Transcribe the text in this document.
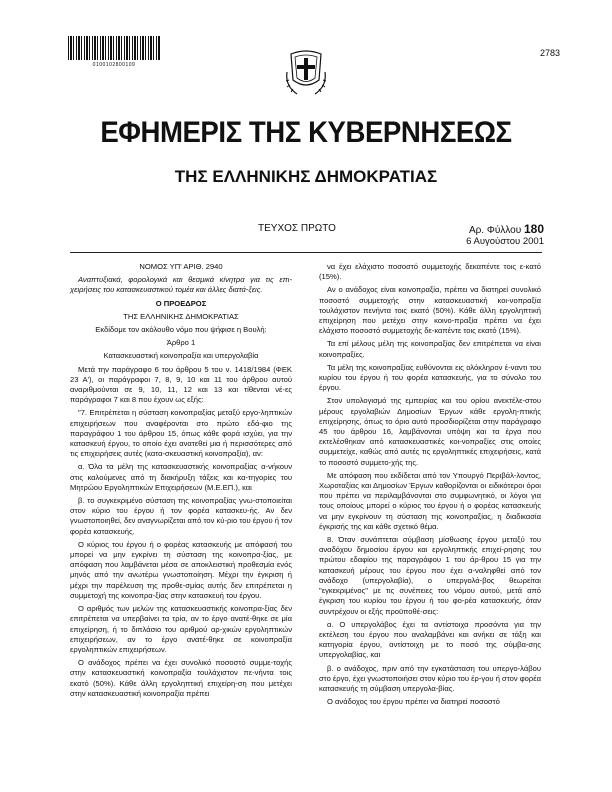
0100102800109
2783
ΕΦΗΜΕΡΙΣ ΤΗΣ ΚΥΒΕΡΝΗΣΕΩΣ
ΤΗΣ ΕΛΛΗΝΙΚΗΣ ΔΗΜΟΚΡΑΤΙΑΣ
ΤΕΥΧΟΣ ΠΡΩΤΟ	Αρ. Φύλλου 180
6 Αυγούστου 2001

ΝΟΜΟΣ ΥΠ' ΑΡΙΘ. 2940

Αναπτυξιακά, φορολογικά και θεσμικά κίνητρα για τις επι-χειρήσεις του κατασκευαστικού τομέα και άλλες διατά-ξεις.

Ο ΠΡΟΕΔΡΟΣ

ΤΗΣ ΕΛΛΗΝΙΚΗΣ ΔΗΜΟΚΡΑΤΙΑΣ

Εκδίδομε τον ακόλουθο νόμο που ψήφισε η Βουλή:

Άρθρο 1

Κατασκευαστική κοινοπραξία και υπεργολαβία

Μετά την παράγραφο 6 του άρθρου 5 του ν. 1418/1984 (ΦΕΚ 23 Α'), οι παράγραφοι 7, 8, 9, 10 και 11 του άρθρου αυτού αναριθμούνται σε 9, 10, 11, 12 και 13 και τίθενται νέ-ες παράγραφοι 7 και 8 που έχουν ως εξής:

"7. Επιτρέπεται η σύσταση κοινοπραξίας μεταξύ εργο-ληπτικών επιχειρήσεων που αναφέρονται στο πρώτο εδά-φιο της παραγράφου 1 του άρθρου 15, όπως κάθε φορά ισχύει, για την κατασκευή έργου, το οποίο έχει ανατεθεί μια ή περισσότερες από τις επιχειρήσεις αυτές (κατα-σκευαστική κοινοπραξία), αν:

α. Όλα τα μέλη της κατασκευαστικής κοινοπραξίας α-νήκουν στις καλούμενες από τη διακήρυξη τάξεις και κα-τηγορίες του Μητρώου Εργοληπτικών Επιχειρήσεων (Μ.Ε.ΕΠ.), και

β. το συγκεκριμένο σύσταση της κοινοπραξίας γνω-στοποιείται στον κύριο του έργου ή τον φορέα κατασκευ-ής. Αν δεν γνωστοποιηθεί, δεν αναγνωρίζεται από τον κύ-ριο του έργου ή τον φορέα κατασκευής.

Ο κύριος του έργου ή ο φορέας κατασκευής με απόφασή του μπορεί να μην εγκρίνει τη σύσταση της κοινοπρα-ξίας, με απόφαση που λαμβάνεται μέσα σε αποκλειστική προθεσμία ενός μηνός από την ανωτέρω γνωστοποίηση. Μέχρι την έγκριση ή μέχρι την παρέλευση της προθε-σμίας αυτής δεν επιτρέπεται η συμμετοχή της κοινοπρα-ξίας στην κατασκευή του έργου.

Ο αριθμός των μελών της κατασκευαστικής κοινοπρα-ξίας δεν επιτρέπεται να υπερβαίνει τα τρία, αν το έργο ανατέ-θηκε σε μία επιχείρηση, ή το διπλάσιο του αριθμού αρ-χικών εργοληπτικών επιχειρήσεων, αν το έργο ανατέ-θηκε σε κοινοπραξία εργοληπτικών επιχειρήσεων.

Ο ανάδοχος πρέπει να έχει συνολικό ποσοστό συμμε-τοχής στην κατασκευαστική κοινοπραξία τουλάχιστον πε-νήντα τοις εκατό (50%). Κάθε άλλη εργοληπτική επιχείρη-ση που μετέχει στην κατασκευαστική κοινοπραξία πρέπει

να έχει ελάχιστο ποσοστό συμμετοχής δεκαπέντε τοις ε-κατό (15%).

Αν ο ανάδοχος είναι κοινοπραξία, πρέπει να διατηρεί συνολικό ποσοστό συμμετοχής στην κατασκευαστική κοι-νοπραξία τουλάχιστον πενήντα τοις εκατό (50%). Κάθε άλλη εργοληπτική επιχείρηση που μετέχει στην κοινο-πραξία πρέπει να έχει ελάχιστο ποσοστό συμμετοχής δε-καπέντε τοις εκατό (15%).

Τα επί μέλους μέλη της κοινοπραξίας δεν επιτρέπεται να είναι κοινοπραξίες.

Τα μέλη της κοινοπραξίας ευθύνονται εις ολόκληρον έ-ναντι του κυρίου του έργου ή του φορέα κατασκευής, για το σύνολο του έργου.

Στον υπολογισμό της εμπειρίας και του ορίου ανεκτέλε-στου μέρους εργολαβιών Δημοσίων Έργων κάθε εργολη-πτικής επιχείρησης, όπως το όριο αυτό προσδιορίζεται στην παράγραφο 45 του άρθρου 16, λαμβάνονται υπόψη και τα έργα που εκτελέσθηκαν από κατασκευαστικές κοι-νοπραξίες στις οποίες συμμετείχε, καθώς από αυτές τις εργοληπτικές επιχειρήσεις, κατά το ποσοστό συμμετο-χής της.

Με απόφαση που εκδίδεται από τον Υπουργό Περιβάλ-λοντος, Χωροταξίας και Δημοσίων Έργων καθορίζονται οι ειδικότεροι όροι που πρέπει να περιλαμβάνονται στο συμφωνητικό, οι λόγοι για τους οποίους μπορεί ο κύριος του έργου ή ο φορέας κατασκευής να μην εγκρίνουν τη σύσταση της κοινοπραξίας, η διαδικασία έγκρισής της και κάθε σχετικό θέμα.

8. Όταν συνάπτεται σύμβαση μίσθωσης έργου μεταξύ του αναδόχου δημοσίου έργου και εργοληπτικής επιχεί-ρησης του πρώτου εδαφίου της παραγράφου 1 του άρ-θρου 15 για την κατασκευή μέρους του έργου που έχει α-ναληφθεί από τον ανάδοχο (υπεργολαβία), ο υπεργολά-βος θεωρείται "εγκεκριμένος" με τις συνέπειες του νόμου αυτού, μετά από έγκριση του κυρίου του έργου ή του φο-ρέα κατασκευής, όταν συντρέχουν οι εξής προϋποθέ-σεις:

α. Ο υπεργολάβος έχει τα αντίστοιχα προσόντα για την εκτέλεση του έργου που αναλαμβάνει και ανήκει σε τάξη και κατηγορία έργου, αντίστοιχη με το ποσό της σύμβα-σης υπεργολαβίας, και

β. ο ανάδοχος, πριν από την εγκατάσταση του υπεργο-λάβου στο έργο, έχει γνωστοποιήσει στον κύριο του έρ-γου ή στον φορέα κατασκευής τη σύμβαση υπεργολα-βίας.

Ο ανάδοχος του έργου πρέπει να διατηρεί ποσοστό
